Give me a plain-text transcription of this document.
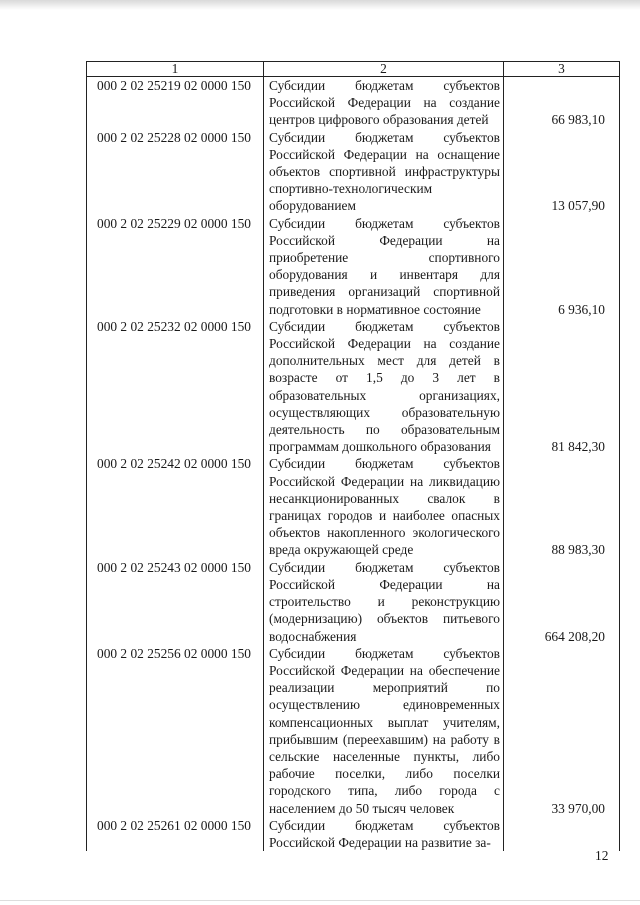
1	2	3
000 2 02 25219 02 0000 150	Субсидии бюджетам субъектов Российской Федерации на создание центров цифрового образования детей	66 983,10
000 2 02 25228 02 0000 150	Субсидии бюджетам субъектов Российской Федерации на оснащение объектов спортивной инфраструктуры спортивно-технологическим оборудованием	13 057,90
000 2 02 25229 02 0000 150	Субсидии бюджетам субъектов Российской Федерации на приобретение спортивного оборудования и инвентаря для приведения организаций спортивной подготовки в нормативное состояние	6 936,10
000 2 02 25232 02 0000 150	Субсидии бюджетам субъектов Российской Федерации на создание дополнительных мест для детей в возрасте от 1,5 до 3 лет в образовательных организациях, осуществляющих образовательную деятельность по образовательным программам дошкольного образования	81 842,30
000 2 02 25242 02 0000 150	Субсидии бюджетам субъектов Российской Федерации на ликвидацию несанкционированных свалок в границах городов и наиболее опасных объектов накопленного экологического вреда окружающей среде	88 983,30
000 2 02 25243 02 0000 150	Субсидии бюджетам субъектов Российской Федерации на строительство и реконструкцию (модернизацию) объектов питьевого водоснабжения	664 208,20
000 2 02 25256 02 0000 150	Субсидии бюджетам субъектов Российской Федерации на обеспечение реализации мероприятий по осуществлению единовременных компенсационных выплат учителям, прибывшим (переехавшим) на работу в сельские населенные пункты, либо рабочие поселки, либо поселки городского типа, либо города с населением до 50 тысяч человек	33 970,00
000 2 02 25261 02 0000 150	Субсидии бюджетам субъектов Российской Федерации на развитие за-	
12
